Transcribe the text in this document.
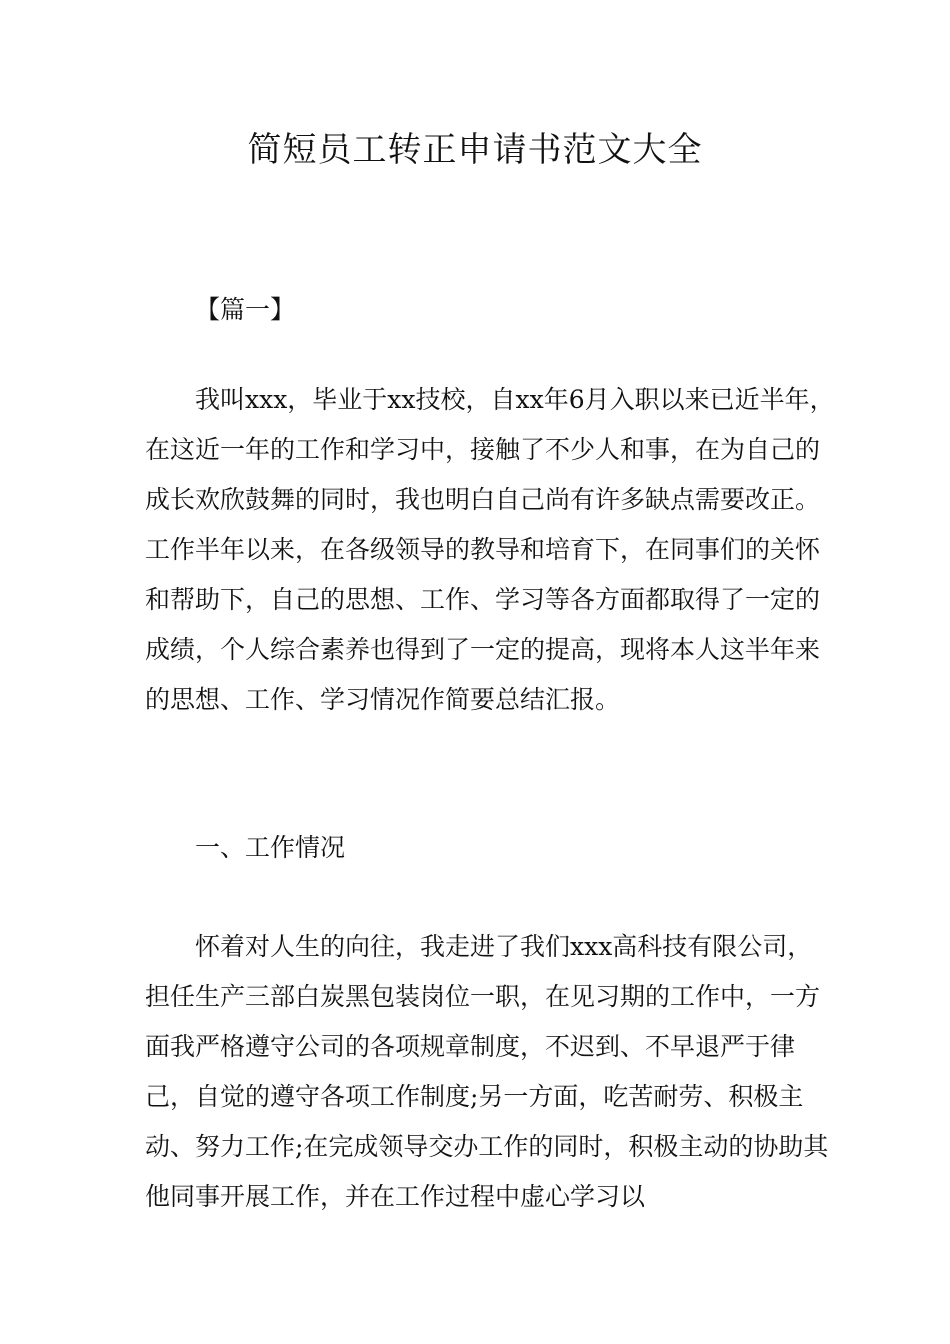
简短员工转正申请书范文大全

【篇一】

我叫xxx，毕业于xx技校，自xx年6月入职以来已近半年，在这近一年的工作和学习中，接触了不少人和事，在为自己的成长欢欣鼓舞的同时，我也明白自己尚有许多缺点需要改正。工作半年以来，在各级领导的教导和培育下，在同事们的关怀和帮助下，自己的思想、工作、学习等各方面都取得了一定的成绩，个人综合素养也得到了一定的提高，现将本人这半年来的思想、工作、学习情况作简要总结汇报。

一、工作情况

怀着对人生的向往，我走进了我们xxx高科技有限公司，担任生产三部白炭黑包装岗位一职，在见习期的工作中，一方面我严格遵守公司的各项规章制度，不迟到、不早退严于律己，自觉的遵守各项工作制度;另一方面，吃苦耐劳、积极主动、努力工作;在完成领导交办工作的同时，积极主动的协助其他同事开展工作，并在工作过程中虚心学习以
